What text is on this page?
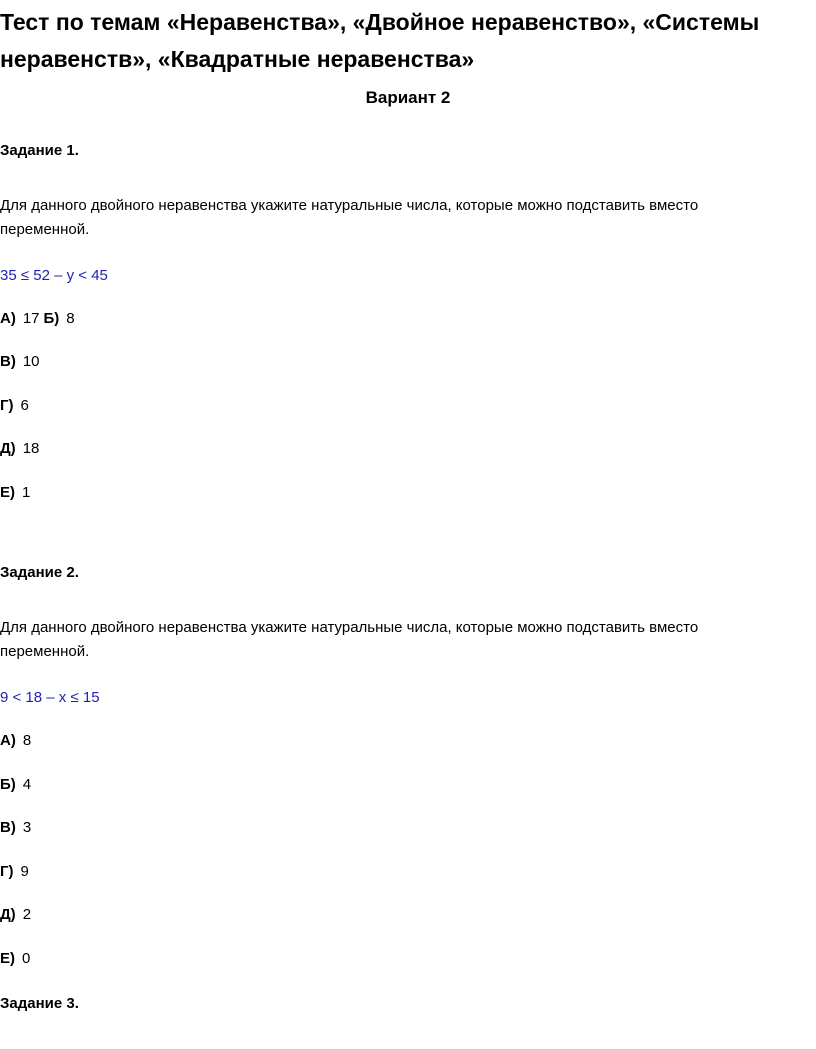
Тест по темам «Неравенства», «Двойное неравенство», «Системы неравенств», «Квадратные неравенства»

Вариант 2

Задание 1.

Для данного двойного неравенства укажите натуральные числа, которые можно подставить вместо переменной.

35 ≤ 52 – y < 45

А) 17 Б) 8

В) 10

Г) 6

Д) 18

Е) 1

Задание 2.

Для данного двойного неравенства укажите натуральные числа, которые можно подставить вместо переменной.

9 < 18 – x ≤ 15

А) 8

Б) 4

В) 3

Г) 9

Д) 2

Е) 0

Задание 3.
